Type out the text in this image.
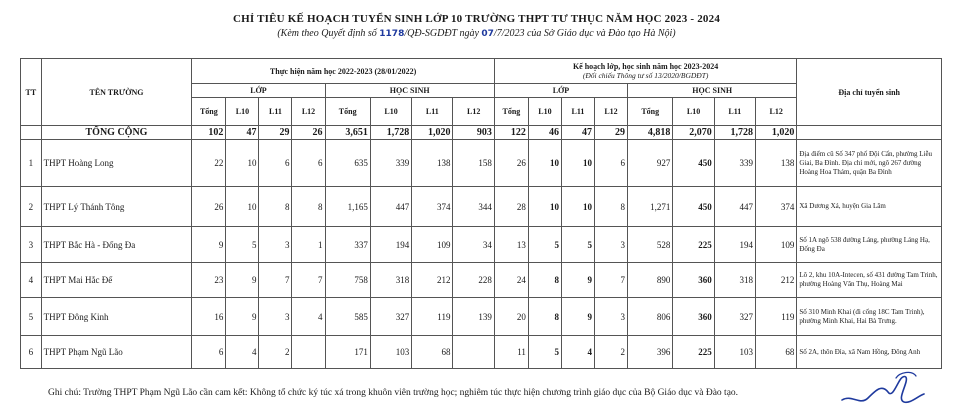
CHỈ TIÊU KẾ HOẠCH TUYỂN SINH LỚP 10 TRƯỜNG THPT TƯ THỤC NĂM HỌC 2023 - 2024
(Kèm theo Quyết định số 1178/QĐ-SGDĐT ngày 07/7/2023 của Sở Giáo dục và Đào tạo Hà Nội)
TT	TÊN TRƯỜNG	Thực hiện năm học 2022-2023 (28/01/2022)								Kế hoạch lớp, học sinh năm học 2023-2024
(Đối chiếu Thông tư số 13/2020/BGDĐT)								Địa chỉ tuyển sinh
		LỚP				HỌC SINH				LỚP				HỌC SINH				
		Tổng	L10	L11	L12	Tổng	L10	L11	L12	Tổng	L10	L11	L12	Tổng	L10	L11	L12	
	TỔNG CỘNG	102	47	29	26	3,651	1,728	1,020	903	122	46	47	29	4,818	2,070	1,728	1,020	
1	THPT Hoàng Long	22	10	6	6	635	339	138	158	26	10	10	6	927	450	339	138	Địa điểm cũ Số 347 phố Đội Cấn, phường Liễu Giai, Ba Đình. Địa chỉ mới, ngõ 267 đường Hoàng Hoa Thám, quận Ba Đình
2	THPT Lý Thánh Tông	26	10	8	8	1,165	447	374	344	28	10	10	8	1,271	450	447	374	Xã Dương Xá, huyện Gia Lâm
3	THPT Bắc Hà - Đống Đa	9	5	3	1	337	194	109	34	13	5	5	3	528	225	194	109	Số 1A ngõ 538 đường Láng, phường Láng Hạ, Đống Đa
4	THPT Mai Hắc Đế	23	9	7	7	758	318	212	228	24	8	9	7	890	360	318	212	Lô 2, khu 10A-Intecen, số 431 đường Tam Trinh, phường Hoàng Văn Thụ, Hoàng Mai
5	THPT Đông Kinh	16	9	3	4	585	327	119	139	20	8	9	3	806	360	327	119	Số 310 Minh Khai (đi cổng 18C Tam Trinh), phường Minh Khai, Hai Bà Trưng.
6	THPT Phạm Ngũ Lão	6	4	2		171	103	68		11	5	4	2	396	225	103	68	Số 2A, thôn Đìa, xã Nam Hồng, Đông Anh
Ghi chú: Trường THPT Phạm Ngũ Lão cần cam kết: Không tổ chức ký túc xá trong khuôn viên trường học; nghiêm túc thực hiện chương trình giáo dục của Bộ Giáo dục và Đào tạo.
